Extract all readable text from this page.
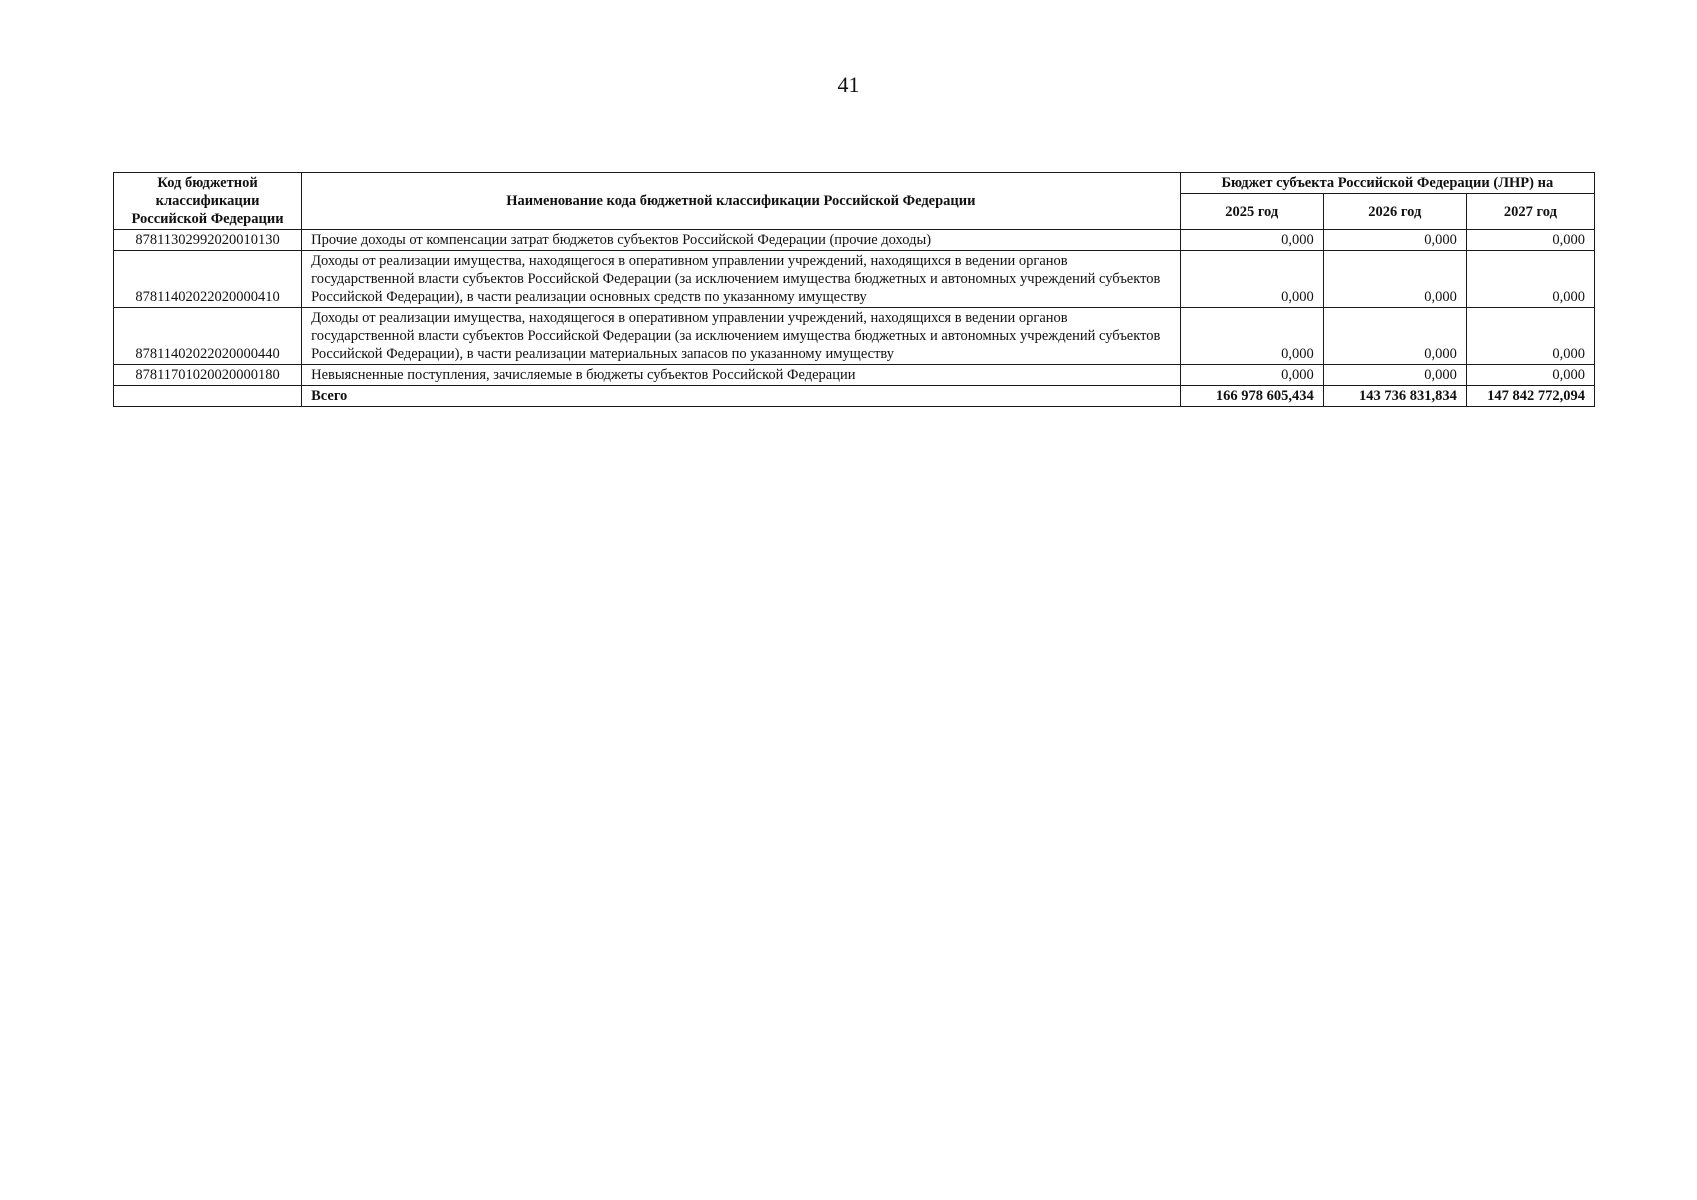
41
Код бюджетной классификации Российской Федерации	Наименование кода бюджетной классификации Российской Федерации	Бюджет субъекта Российской Федерации (ЛНР) на		
		2025 год	2026 год	2027 год
87811302992020010130	Прочие доходы от компенсации затрат бюджетов субъектов Российской Федерации (прочие доходы)	0,000	0,000	0,000
87811402022020000410	Доходы от реализации имущества, находящегося в оперативном управлении учреждений, находящихся в ведении органов государственной власти субъектов Российской Федерации (за исключением имущества бюджетных и автономных учреждений субъектов Российской Федерации), в части реализации основных средств по указанному имуществу	0,000	0,000	0,000
87811402022020000440	Доходы от реализации имущества, находящегося в оперативном управлении учреждений, находящихся в ведении органов государственной власти субъектов Российской Федерации (за исключением имущества бюджетных и автономных учреждений субъектов Российской Федерации), в части реализации материальных запасов по указанному имуществу	0,000	0,000	0,000
87811701020020000180	Невыясненные поступления, зачисляемые в бюджеты субъектов Российской Федерации	0,000	0,000	0,000
	Всего	166 978 605,434	143 736 831,834	147 842 772,094
